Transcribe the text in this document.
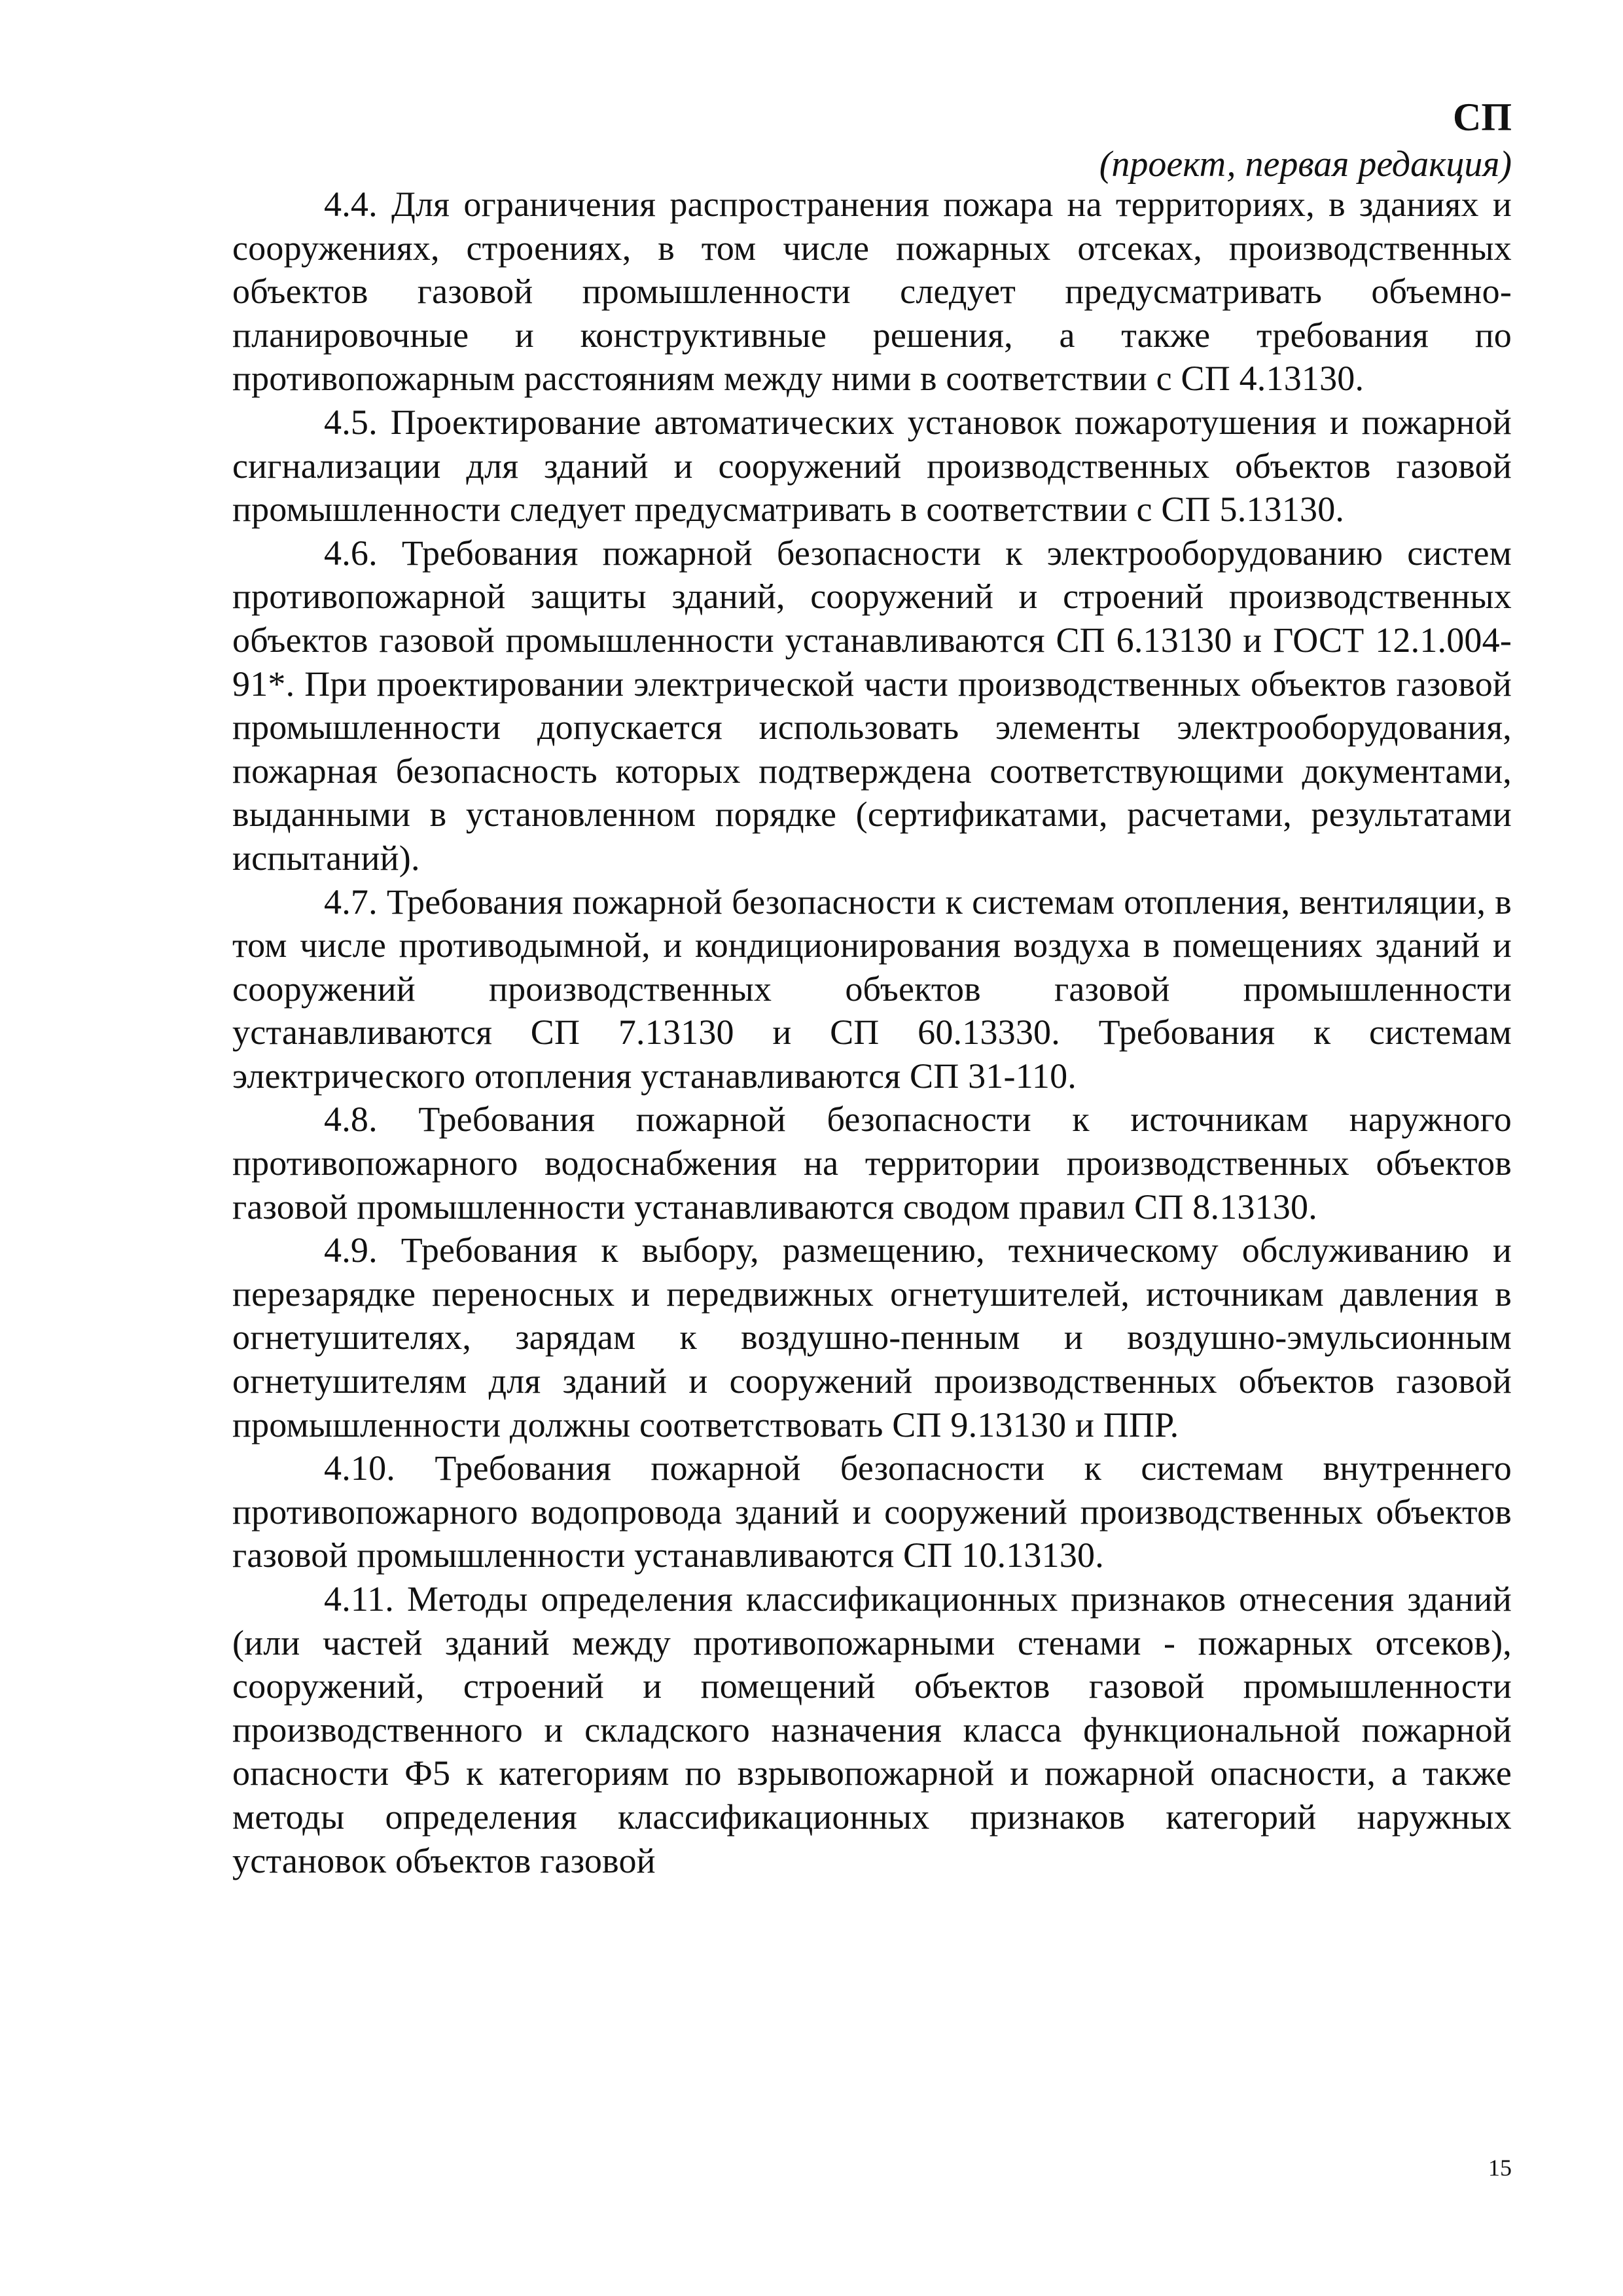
СП
(проект, первая редакция)

4.4. Для ограничения распространения пожара на территориях, в зданиях и сооружениях, строениях, в том числе пожарных отсеках, производственных объектов газовой промышленности следует предусматривать объемно-планировочные и конструктивные решения, а также требования по противопожарным расстояниям между ними в соответствии с СП 4.13130.

4.5. Проектирование автоматических установок пожаротушения и пожарной сигнализации для зданий и сооружений производственных объектов газовой промышленности следует предусматривать в соответствии с СП 5.13130.

4.6. Требования пожарной безопасности к электрооборудованию систем противопожарной защиты зданий, сооружений и строений производственных объектов газовой промышленности устанавливаются СП 6.13130 и ГОСТ 12.1.004-91*. При проектировании электрической части производственных объектов газовой промышленности допускается использовать элементы электрооборудования, пожарная безопасность которых подтверждена соответствующими документами, выданными в установленном порядке (сертификатами, расчетами, результатами испытаний).

4.7. Требования пожарной безопасности к системам отопления, вентиляции, в том числе противодымной, и кондиционирования воздуха в помещениях зданий и сооружений производственных объектов газовой промышленности устанавливаются СП 7.13130 и СП 60.13330. Требования к системам электрического отопления устанавливаются СП 31-110.

4.8. Требования пожарной безопасности к источникам наружного противопожарного водоснабжения на территории производственных объектов газовой промышленности устанавливаются сводом правил СП 8.13130.

4.9. Требования к выбору, размещению, техническому обслуживанию и перезарядке переносных и передвижных огнетушителей, источникам давления в огнетушителях, зарядам к воздушно-пенным и воздушно-эмульсионным огнетушителям для зданий и сооружений производственных объектов газовой промышленности должны соответствовать СП 9.13130 и ППР.

4.10. Требования пожарной безопасности к системам внутреннего противопожарного водопровода зданий и сооружений производственных объектов газовой промышленности устанавливаются СП 10.13130.

4.11. Методы определения классификационных признаков отнесения зданий (или частей зданий между противопожарными стенами - пожарных отсеков), сооружений, строений и помещений объектов газовой промышленности производственного и складского назначения класса функциональной пожарной опасности Ф5 к категориям по взрывопожарной и пожарной опасности, а также методы определения классификационных признаков категорий наружных установок объектов газовой

15
